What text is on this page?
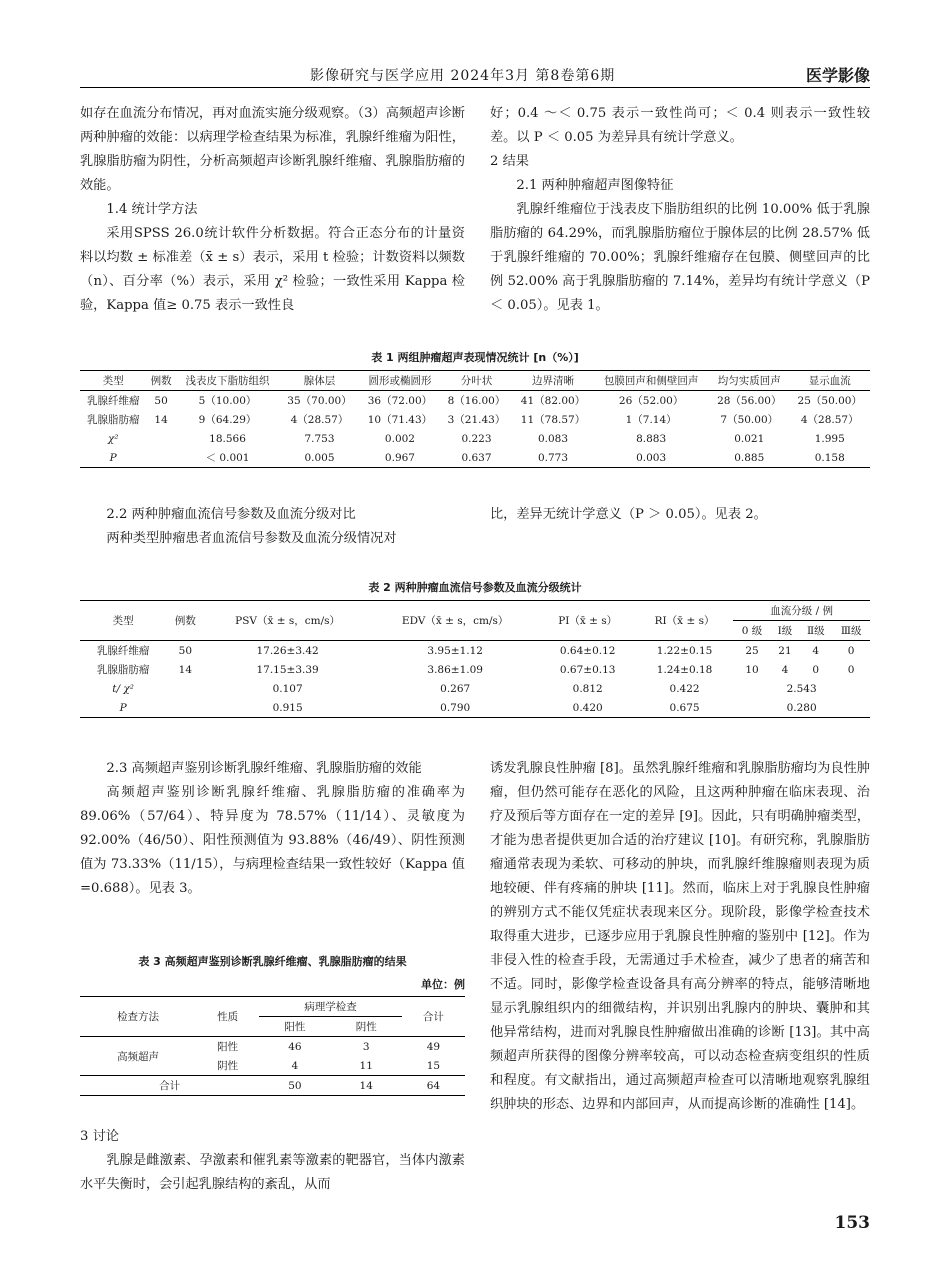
影像研究与医学应用 2024年3月 第8卷第6期	医学影像

如存在血流分布情况，再对血流实施分级观察。（3）高频超声诊断两种肿瘤的效能：以病理学检查结果为标准，乳腺纤维瘤为阳性，乳腺脂肪瘤为阴性，分析高频超声诊断乳腺纤维瘤、乳腺脂肪瘤的效能。

1.4 统计学方法

采用SPSS 26.0统计软件分析数据。符合正态分布的计量资料以均数 ± 标准差（x̄ ± s）表示，采用 t 检验；计数资料以频数（n）、百分率（%）表示，采用 χ² 检验；一致性采用 Kappa 检验，Kappa 值≥ 0.75 表示一致性良

好；0.4 ～＜ 0.75 表示一致性尚可；＜ 0.4 则表示一致性较差。以 P ＜ 0.05 为差异具有统计学意义。

2 结果

2.1 两种肿瘤超声图像特征

乳腺纤维瘤位于浅表皮下脂肪组织的比例 10.00% 低于乳腺脂肪瘤的 64.29%，而乳腺脂肪瘤位于腺体层的比例 28.57% 低于乳腺纤维瘤的 70.00%；乳腺纤维瘤存在包膜、侧壁回声的比例 52.00% 高于乳腺脂肪瘤的 7.14%，差异均有统计学意义（P ＜ 0.05）。见表 1。

表 1 两组肿瘤超声表现情况统计 [n（%）]
类型	例数	浅表皮下脂肪组织	腺体层	圆形或椭圆形	分叶状	边界清晰	包膜回声和侧壁回声	均匀实质回声	显示血流
乳腺纤维瘤	50	5（10.00）	35（70.00）	36（72.00）	8（16.00）	41（82.00）	26（52.00）	28（56.00）	25（50.00）
乳腺脂肪瘤	14	9（64.29）	4（28.57）	10（71.43）	3（21.43）	11（78.57）	1（7.14）	7（50.00）	4（28.57）
χ²		18.566	7.753	0.002	0.223	0.083	8.883	0.021	1.995
P		＜ 0.001	0.005	0.967	0.637	0.773	0.003	0.885	0.158

2.2 两种肿瘤血流信号参数及血流分级对比

两种类型肿瘤患者血流信号参数及血流分级情况对

比，差异无统计学意义（P ＞ 0.05）。见表 2。

表 2 两种肿瘤血流信号参数及血流分级统计
类型	例数	PSV（x̄ ± s，cm/s）	EDV（x̄ ± s，cm/s）	PI（x̄ ± s）	RI（x̄ ± s）	血流分级 / 例			
						0 级	Ⅰ级	Ⅱ级	Ⅲ级
乳腺纤维瘤	50	17.26±3.42	3.95±1.12	0.64±0.12	1.22±0.15	25	21	4	0
乳腺脂肪瘤	14	17.15±3.39	3.86±1.09	0.67±0.13	1.24±0.18	10	4	0	0
t/ χ²		0.107	0.267	0.812	0.422	2.543			
P		0.915	0.790	0.420	0.675	0.280			

2.3 高频超声鉴别诊断乳腺纤维瘤、乳腺脂肪瘤的效能

高频超声鉴别诊断乳腺纤维瘤、乳腺脂肪瘤的准确率为 89.06%（57/64）、特异度为 78.57%（11/14）、灵敏度为 92.00%（46/50）、阳性预测值为 93.88%（46/49）、阴性预测值为 73.33%（11/15），与病理检查结果一致性较好（Kappa 值 =0.688）。见表 3。

表 3 高频超声鉴别诊断乳腺纤维瘤、乳腺脂肪瘤的结果
单位：例
检查方法	性质	病理学检查		合计
		阳性	阴性	
高频超声	阳性	46	3	49
	阴性	4	11	15
合计		50	14	64

3 讨论

乳腺是雌激素、孕激素和催乳素等激素的靶器官，当体内激素水平失衡时，会引起乳腺结构的紊乱，从而

诱发乳腺良性肿瘤 [8]。虽然乳腺纤维瘤和乳腺脂肪瘤均为良性肿瘤，但仍然可能存在恶化的风险，且这两种肿瘤在临床表现、治疗及预后等方面存在一定的差异 [9]。因此，只有明确肿瘤类型，才能为患者提供更加合适的治疗建议 [10]。有研究称，乳腺脂肪瘤通常表现为柔软、可移动的肿块，而乳腺纤维腺瘤则表现为质地较硬、伴有疼痛的肿块 [11]。然而，临床上对于乳腺良性肿瘤的辨别方式不能仅凭症状表现来区分。现阶段，影像学检查技术取得重大进步，已逐步应用于乳腺良性肿瘤的鉴别中 [12]。作为非侵入性的检查手段，无需通过手术检查，减少了患者的痛苦和不适。同时，影像学检查设备具有高分辨率的特点，能够清晰地显示乳腺组织内的细微结构，并识别出乳腺内的肿块、囊肿和其他异常结构，进而对乳腺良性肿瘤做出准确的诊断 [13]。其中高频超声所获得的图像分辨率较高，可以动态检查病变组织的性质和程度。有文献指出，通过高频超声检查可以清晰地观察乳腺组织肿块的形态、边界和内部回声，从而提高诊断的准确性 [14]。

153
